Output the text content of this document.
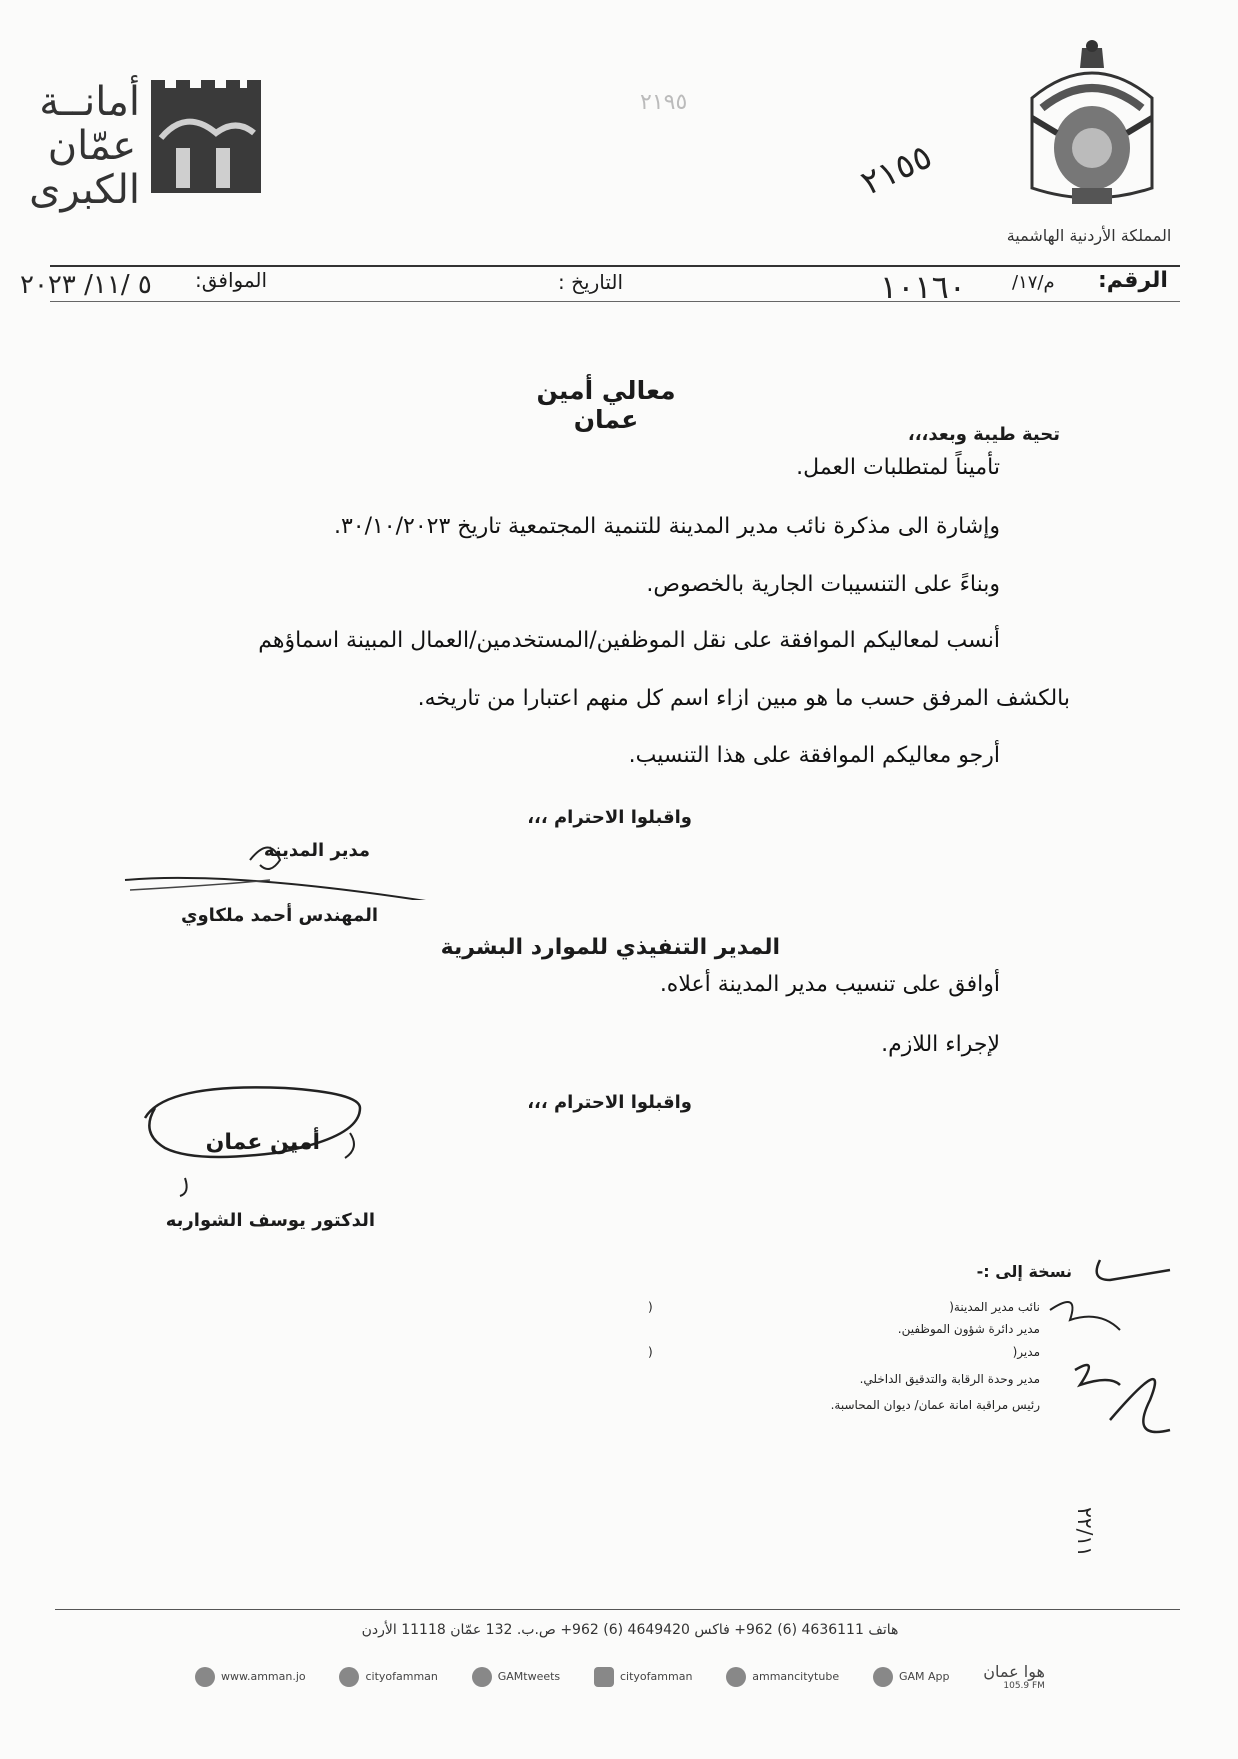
المملكة الأردنية الهاشمية
أمانــة
عمّان
الكبرى	٢١٥٥
٢١٩٥
الرقم:
م/١٧/
١٠١٦٠
التاريخ :
الموافق:
٥ /١١/ ٢٠٢٣
معالي أمين عمان
تحية طيبة وبعد،،،
تأميناً لمتطلبات العمل.
وإشارة الى مذكرة نائب مدير المدينة للتنمية المجتمعية تاريخ ٣٠/١٠/٢٠٢٣.
وبناءً على التنسيبات الجارية بالخصوص.
أنسب لمعاليكم الموافقة على نقل الموظفين/المستخدمين/العمال المبينة اسماؤهم
بالكشف المرفق حسب ما هو مبين ازاء اسم كل منهم اعتبارا من تاريخه.
أرجو معاليكم الموافقة على هذا التنسيب.
واقبلوا الاحترام ،،،
مدير المدينة
المهندس أحمد ملكاوي
المدير التنفيذي للموارد البشرية
أوافق على تنسيب مدير المدينة أعلاه.
لإجراء اللازم.
واقبلوا الاحترام ،،،
أمين عمان
الدكتور يوسف الشواربه
نسخة إلى :-
نائب مدير المدينة(
مدير دائرة شؤون الموظفين.
مدير(
مدير وحدة الرقابة والتدقيق الداخلي.
رئيس مراقبة امانة عمان/ ديوان المحاسبة.
)
)
٢٢/١١
هاتف 4636111 (6) 962+ فاكس 4649420 (6) 962+ ص.ب. 132 عمّان 11118 الأردن
هوا عمان
105.9 FM
GAM App
ammancitytube
cityofamman
GAMtweets
cityofamman
www.amman.jo
